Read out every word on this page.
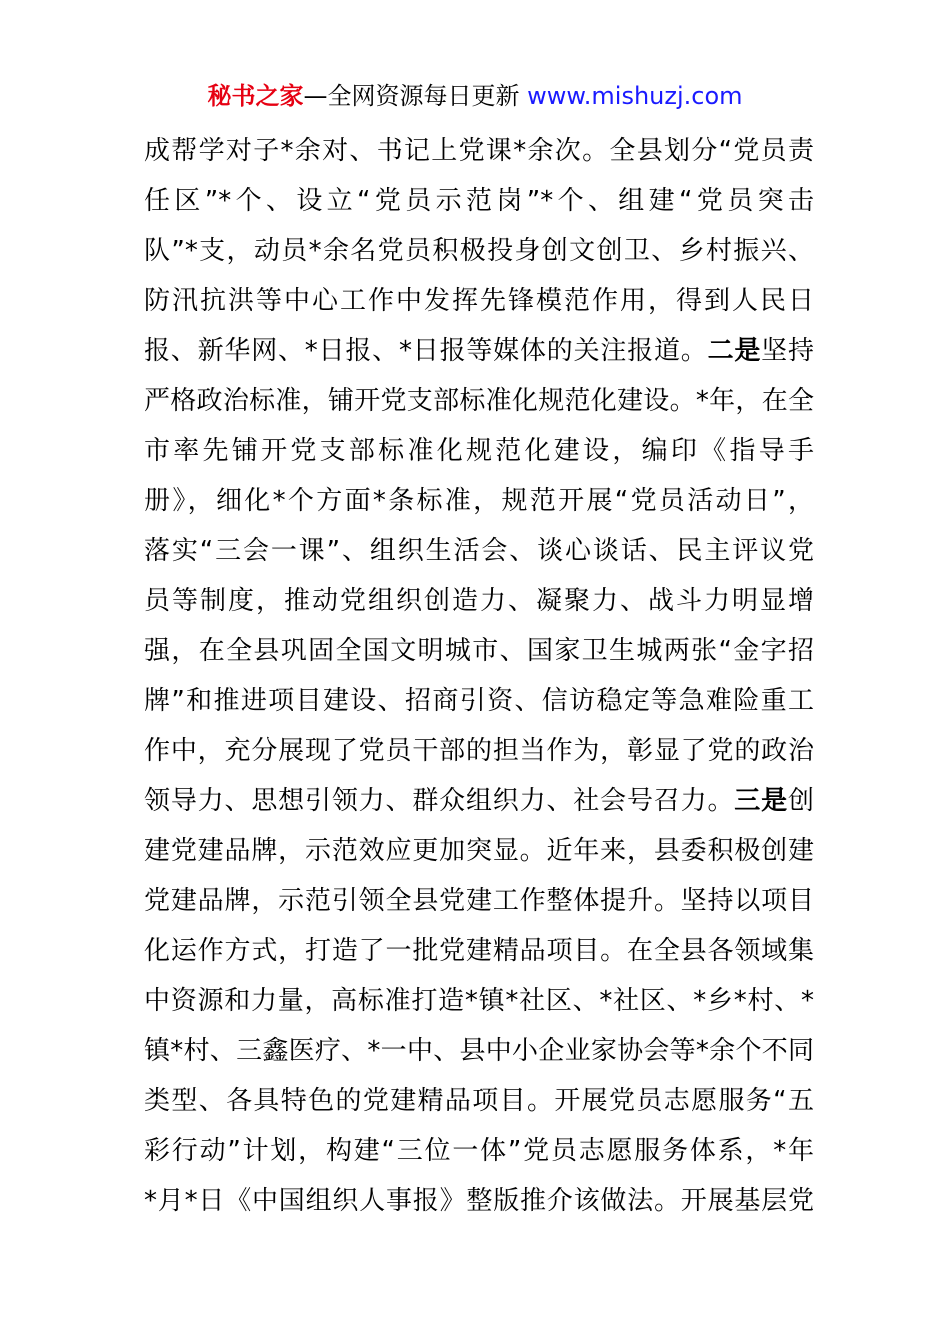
秘书之家—全网资源每日更新 www.mishuzj.com
成帮学对子*余对、书记上党课*余次。全县划分“党员责
任区”*个、设立“党员示范岗”*个、组建“党员突击
队”*支，动员*余名党员积极投身创文创卫、乡村振兴、
防汛抗洪等中心工作中发挥先锋模范作用，得到人民日
报、新华网、*日报、*日报等媒体的关注报道。二是坚持
严格政治标准，铺开党支部标准化规范化建设。*年，在全
市率先铺开党支部标准化规范化建设，编印《指导手
册》，细化*个方面*条标准，规范开展“党员活动日”，
落实“三会一课”、组织生活会、谈心谈话、民主评议党
员等制度，推动党组织创造力、凝聚力、战斗力明显增
强，在全县巩固全国文明城市、国家卫生城两张“金字招
牌”和推进项目建设、招商引资、信访稳定等急难险重工
作中，充分展现了党员干部的担当作为，彰显了党的政治
领导力、思想引领力、群众组织力、社会号召力。三是创
建党建品牌，示范效应更加突显。近年来，县委积极创建
党建品牌，示范引领全县党建工作整体提升。坚持以项目
化运作方式，打造了一批党建精品项目。在全县各领域集
中资源和力量，高标准打造*镇*社区、*社区、*乡*村、*
镇*村、三鑫医疗、*一中、县中小企业家协会等*余个不同
类型、各具特色的党建精品项目。开展党员志愿服务“五
彩行动”计划，构建“三位一体”党员志愿服务体系，*年
*月*日《中国组织人事报》整版推介该做法。开展基层党
